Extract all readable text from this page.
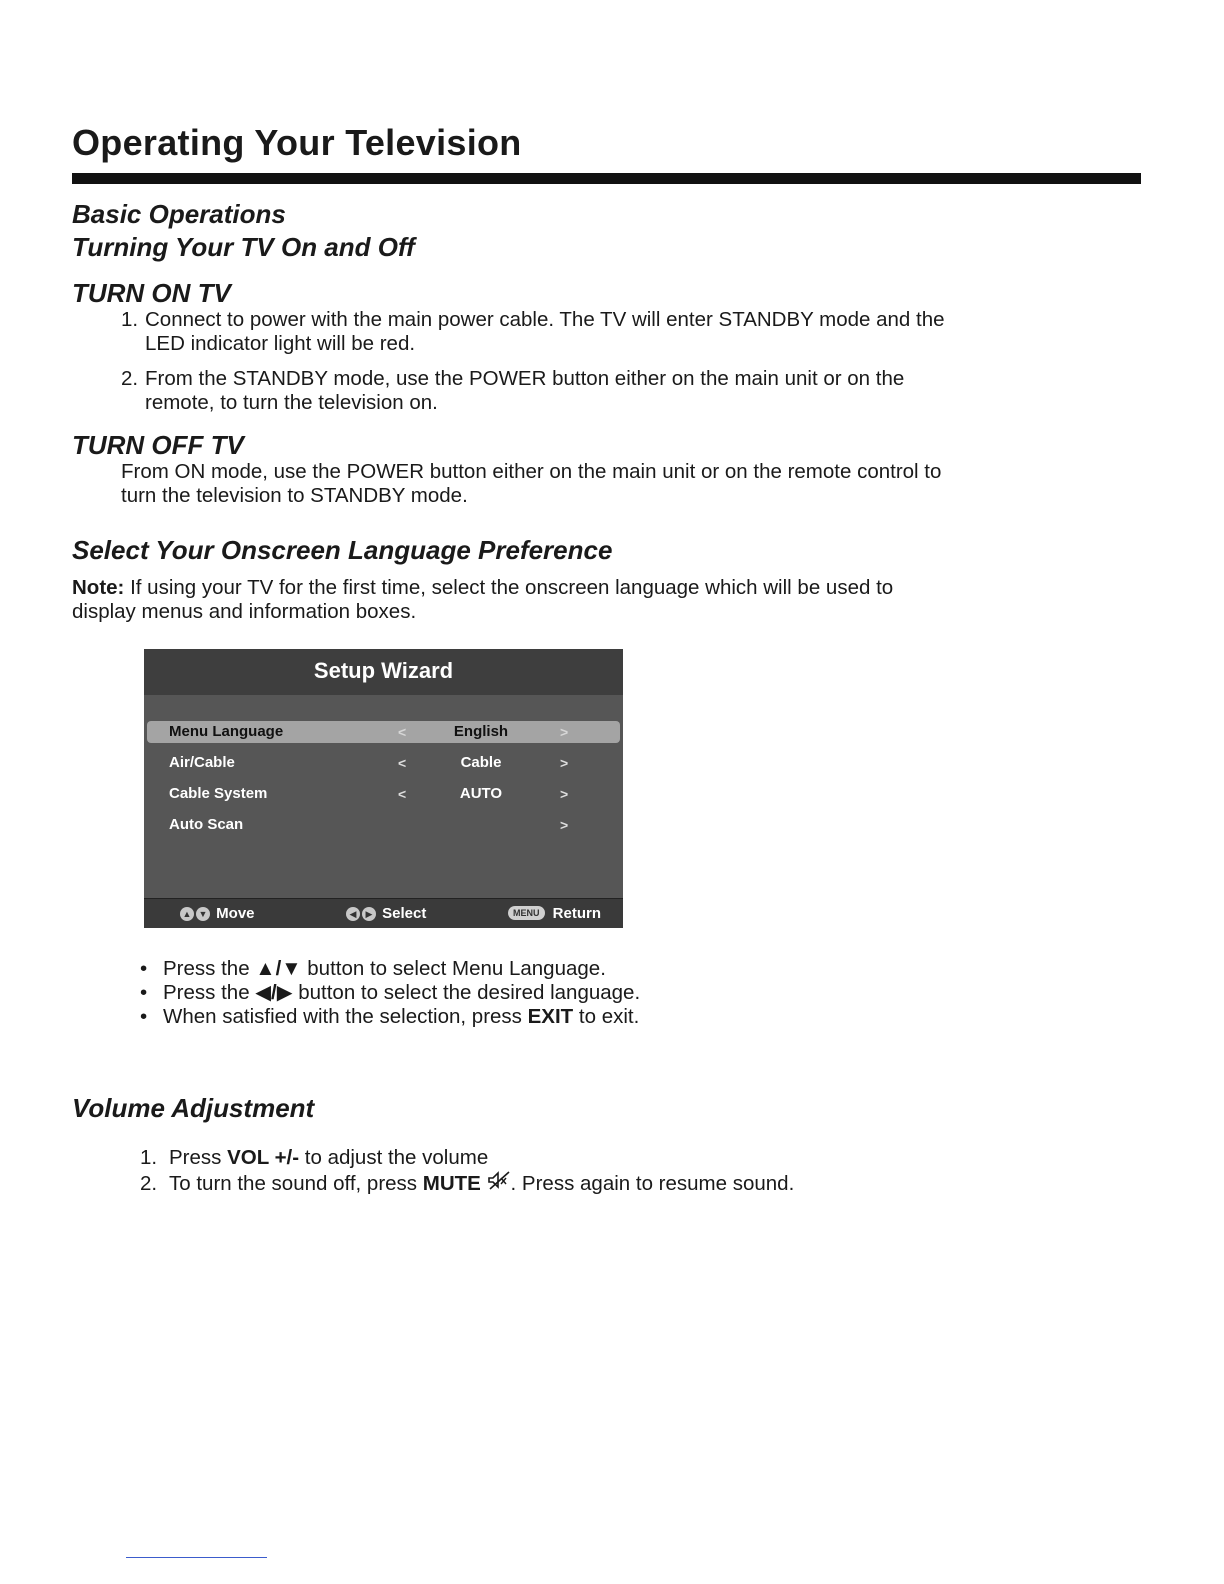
Operating Your Television
Basic Operations
Turning Your TV On and Off
TURN ON TV
1. Connect to power with the main power cable. The TV will enter STANDBY mode and the
LED indicator light will be red.
2. From the STANDBY mode, use the POWER button either on the main unit or on the
remote, to turn the television on.
TURN OFF TV
From ON mode, use the POWER button either on the main unit or on the remote control to
turn the television to STANDBY mode.
Select Your Onscreen Language Preference
Note: If using your TV for the first time, select the onscreen language which will be used to
display menus and information boxes.
Setup Wizard
Menu Language	<	English	>
Air/Cable	<	Cable	>
Cable System	<	AUTO	>
Auto Scan	>
▲ ▼ Move	◀ ▶ Select	MENU Return
• Press the ▲/▼ button to select Menu Language.
• Press the ◀/▶ button to select the desired language.
• When satisfied with the selection, press EXIT to exit.
Volume Adjustment
1. Press VOL +/- to adjust the volume
2. To turn the sound off, press MUTE . Press again to resume sound.
